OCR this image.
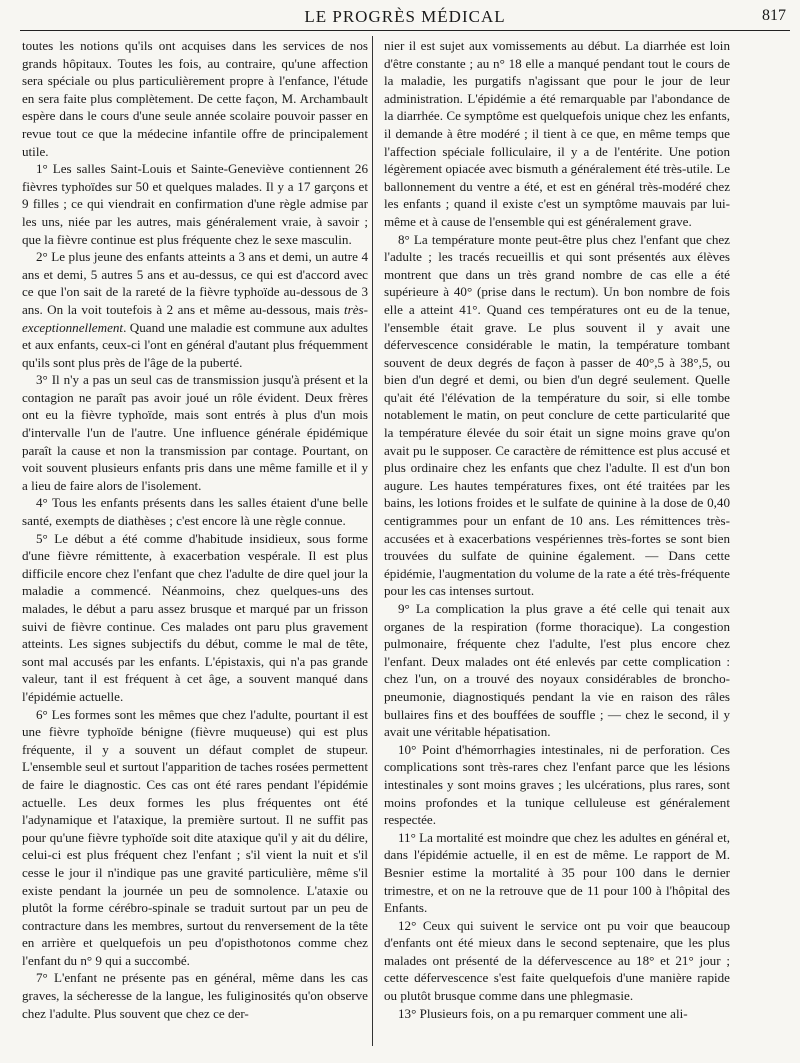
LE PROGRÈS MÉDICAL	817

toutes les notions qu'ils ont acquises dans les services de nos grands hôpitaux. Toutes les fois, au contraire, qu'une affection sera spéciale ou plus particulièrement propre à l'enfance, l'étude en sera faite plus complètement. De cette façon, M. Archambault espère dans le cours d'une seule année scolaire pouvoir passer en revue tout ce que la médecine infantile offre de principalement utile.

1° Les salles Saint-Louis et Sainte-Geneviève contiennent 26 fièvres typhoïdes sur 50 et quelques malades. Il y a 17 garçons et 9 filles ; ce qui viendrait en confirmation d'une règle admise par les uns, niée par les autres, mais généralement vraie, à savoir ; que la fièvre continue est plus fréquente chez le sexe masculin.

2° Le plus jeune des enfants atteints a 3 ans et demi, un autre 4 ans et demi, 5 autres 5 ans et au-dessus, ce qui est d'accord avec ce que l'on sait de la rareté de la fièvre typhoïde au-dessous de 3 ans. On la voit toutefois à 2 ans et même au-dessous, mais très-exceptionnellement. Quand une maladie est commune aux adultes et aux enfants, ceux-ci l'ont en général d'autant plus fréquemment qu'ils sont plus près de l'âge de la puberté.

3° Il n'y a pas un seul cas de transmission jusqu'à présent et la contagion ne paraît pas avoir joué un rôle évident. Deux frères ont eu la fièvre typhoïde, mais sont entrés à plus d'un mois d'intervalle l'un de l'autre. Une influence générale épidémique paraît la cause et non la transmission par contage. Pourtant, on voit souvent plusieurs enfants pris dans une même famille et il y a lieu de faire alors de l'isolement.

4° Tous les enfants présents dans les salles étaient d'une belle santé, exempts de diathèses ; c'est encore là une règle connue.

5° Le début a été comme d'habitude insidieux, sous forme d'une fièvre rémittente, à exacerbation vespérale. Il est plus difficile encore chez l'enfant que chez l'adulte de dire quel jour la maladie a commencé. Néanmoins, chez quelques-uns des malades, le début a paru assez brusque et marqué par un frisson suivi de fièvre continue. Ces malades ont paru plus gravement atteints. Les signes subjectifs du début, comme le mal de tête, sont mal accusés par les enfants. L'épistaxis, qui n'a pas grande valeur, tant il est fréquent à cet âge, a souvent manqué dans l'épidémie actuelle.

6° Les formes sont les mêmes que chez l'adulte, pourtant il est une fièvre typhoïde bénigne (fièvre muqueuse) qui est plus fréquente, il y a souvent un défaut complet de stupeur. L'ensemble seul et surtout l'apparition de taches rosées permettent de faire le diagnostic. Ces cas ont été rares pendant l'épidémie actuelle. Les deux formes les plus fréquentes ont été l'adynamique et l'ataxique, la première surtout. Il ne suffit pas pour qu'une fièvre typhoïde soit dite ataxique qu'il y ait du délire, celui-ci est plus fréquent chez l'enfant ; s'il vient la nuit et s'il cesse le jour il n'indique pas une gravité particulière, même s'il existe pendant la journée un peu de somnolence. L'ataxie ou plutôt la forme cérébro-spinale se traduit surtout par un peu de contracture dans les membres, surtout du renversement de la tête en arrière et quelquefois un peu d'opisthotonos comme chez l'enfant du n° 9 qui a succombé.

7° L'enfant ne présente pas en général, même dans les cas graves, la sécheresse de la langue, les fuliginosités qu'on observe chez l'adulte. Plus souvent que chez ce der-

nier il est sujet aux vomissements au début. La diarrhée est loin d'être constante ; au n° 18 elle a manqué pendant tout le cours de la maladie, les purgatifs n'agissant que pour le jour de leur administration. L'épidémie a été remarquable par l'abondance de la diarrhée. Ce symptôme est quelquefois unique chez les enfants, il demande à être modéré ; il tient à ce que, en même temps que l'affection spéciale folliculaire, il y a de l'entérite. Une potion légèrement opiacée avec bismuth a généralement été très-utile. Le ballonnement du ventre a été, et est en général très-modéré chez les enfants ; quand il existe c'est un symptôme mauvais par lui-même et à cause de l'ensemble qui est généralement grave.

8° La température monte peut-être plus chez l'enfant que chez l'adulte ; les tracés recueillis et qui sont présentés aux élèves montrent que dans un très grand nombre de cas elle a été supérieure à 40° (prise dans le rectum). Un bon nombre de fois elle a atteint 41°. Quand ces températures ont eu de la tenue, l'ensemble était grave. Le plus souvent il y avait une défervescence considérable le matin, la température tombant souvent de deux degrés de façon à passer de 40°,5 à 38°,5, ou bien d'un degré et demi, ou bien d'un degré seulement. Quelle qu'ait été l'élévation de la température du soir, si elle tombe notablement le matin, on peut conclure de cette particularité que la température élevée du soir était un signe moins grave qu'on avait pu le supposer. Ce caractère de rémittence est plus accusé et plus ordinaire chez les enfants que chez l'adulte. Il est d'un bon augure. Les hautes températures fixes, ont été traitées par les bains, les lotions froides et le sulfate de quinine à la dose de 0,40 centigrammes pour un enfant de 10 ans. Les rémittences très-accusées et à exacerbations vespériennes très-fortes se sont bien trouvées du sulfate de quinine également. — Dans cette épidémie, l'augmentation du volume de la rate a été très-fréquente pour les cas intenses surtout.

9° La complication la plus grave a été celle qui tenait aux organes de la respiration (forme thoracique). La congestion pulmonaire, fréquente chez l'adulte, l'est plus encore chez l'enfant. Deux malades ont été enlevés par cette complication : chez l'un, on a trouvé des noyaux considérables de broncho-pneumonie, diagnostiqués pendant la vie en raison des râles bullaires fins et des bouffées de souffle ; — chez le second, il y avait une véritable hépatisation.

10° Point d'hémorrhagies intestinales, ni de perforation. Ces complications sont très-rares chez l'enfant parce que les lésions intestinales y sont moins graves ; les ulcérations, plus rares, sont moins profondes et la tunique celluleuse est généralement respectée.

11° La mortalité est moindre que chez les adultes en général et, dans l'épidémie actuelle, il en est de même. Le rapport de M. Besnier estime la mortalité à 35 pour 100 dans le dernier trimestre, et on ne la retrouve que de 11 pour 100 à l'hôpital des Enfants.

12° Ceux qui suivent le service ont pu voir que beaucoup d'enfants ont été mieux dans le second septenaire, que les plus malades ont présenté de la défervescence au 18° et 21° jour ; cette défervescence s'est faite quelquefois d'une manière rapide ou plutôt brusque comme dans une phlegmasie.

13° Plusieurs fois, on a pu remarquer comment une ali-
